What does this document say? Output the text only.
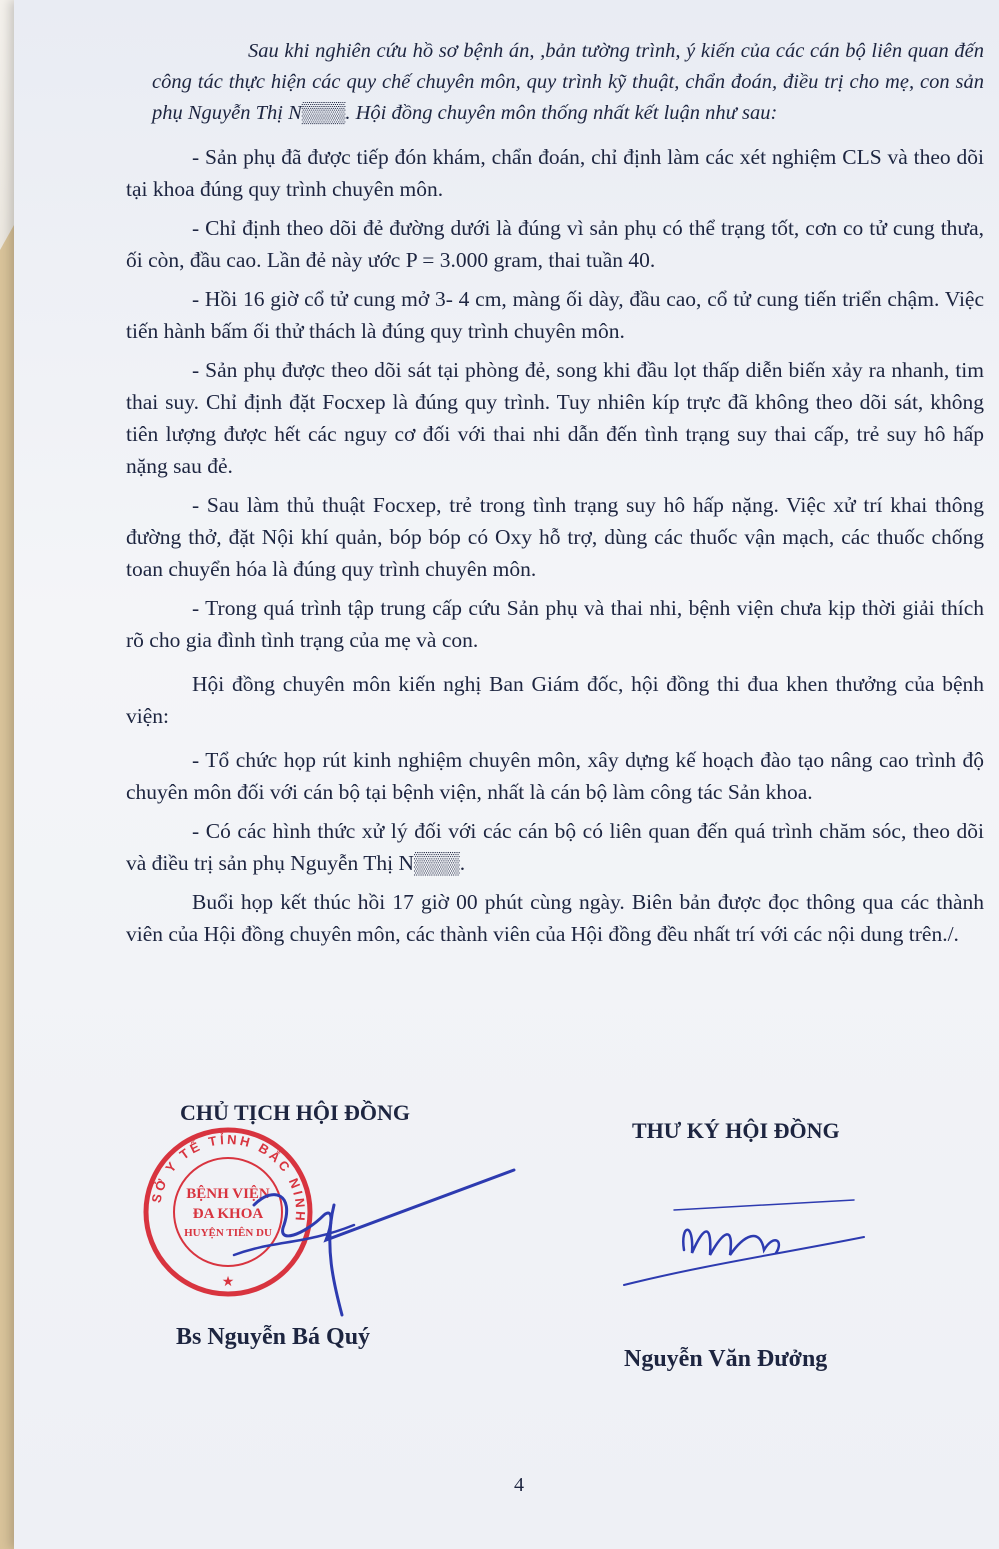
Sau khi nghiên cứu hồ sơ bệnh án, ,bản tường trình, ý kiến của các cán bộ liên quan đến công tác thực hiện các quy chế chuyên môn, quy trình kỹ thuật, chẩn đoán, điều trị cho mẹ, con sản phụ Nguyễn Thị N▒▒▒. Hội đồng chuyên môn thống nhất kết luận như sau:

- Sản phụ đã được tiếp đón khám, chẩn đoán, chỉ định làm các xét nghiệm CLS và theo dõi tại khoa đúng quy trình chuyên môn.

- Chỉ định theo dõi đẻ đường dưới là đúng vì sản phụ có thể trạng tốt, cơn co tử cung thưa, ối còn, đầu cao. Lần đẻ này ước P = 3.000 gram, thai tuần 40.

- Hồi 16 giờ cổ tử cung mở 3- 4 cm, màng ối dày, đầu cao, cổ tử cung tiến triển chậm. Việc tiến hành bấm ối thử thách là đúng quy trình chuyên môn.

- Sản phụ được theo dõi sát tại phòng đẻ, song khi đầu lọt thấp diễn biến xảy ra nhanh, tim thai suy. Chỉ định đặt Focxep là đúng quy trình. Tuy nhiên kíp trực đã không theo dõi sát, không tiên lượng được hết các nguy cơ đối với thai nhi dẫn đến tình trạng suy thai cấp, trẻ suy hô hấp nặng sau đẻ.

- Sau làm thủ thuật Focxep, trẻ trong tình trạng suy hô hấp nặng. Việc xử trí khai thông đường thở, đặt Nội khí quản, bóp bóp có Oxy hỗ trợ, dùng các thuốc vận mạch, các thuốc chống toan chuyển hóa là đúng quy trình chuyên môn.

- Trong quá trình tập trung cấp cứu Sản phụ và thai nhi, bệnh viện chưa kịp thời giải thích rõ cho gia đình tình trạng của mẹ và con.

Hội đồng chuyên môn kiến nghị Ban Giám đốc, hội đồng thi đua khen thưởng của bệnh viện:

- Tổ chức họp rút kinh nghiệm chuyên môn, xây dựng kế hoạch đào tạo nâng cao trình độ chuyên môn đối với cán bộ tại bệnh viện, nhất là cán bộ làm công tác Sản khoa.

- Có các hình thức xử lý đối với các cán bộ có liên quan đến quá trình chăm sóc, theo dõi và điều trị sản phụ Nguyễn Thị N▒▒▒.

Buổi họp kết thúc hồi 17 giờ 00 phút cùng ngày. Biên bản được đọc thông qua các thành viên của Hội đồng chuyên môn, các thành viên của Hội đồng đều nhất trí với các nội dung trên./.

CHỦ TỊCH HỘI ĐỒNG
THƯ KÝ HỘI ĐỒNG
SỞ Y TẾ TỈNH BẮC NINH
BỆNH VIỆN
ĐA KHOA
HUYỆN TIÊN DU
★
Bs Nguyễn Bá Quý
Nguyễn Văn Đưởng
4
